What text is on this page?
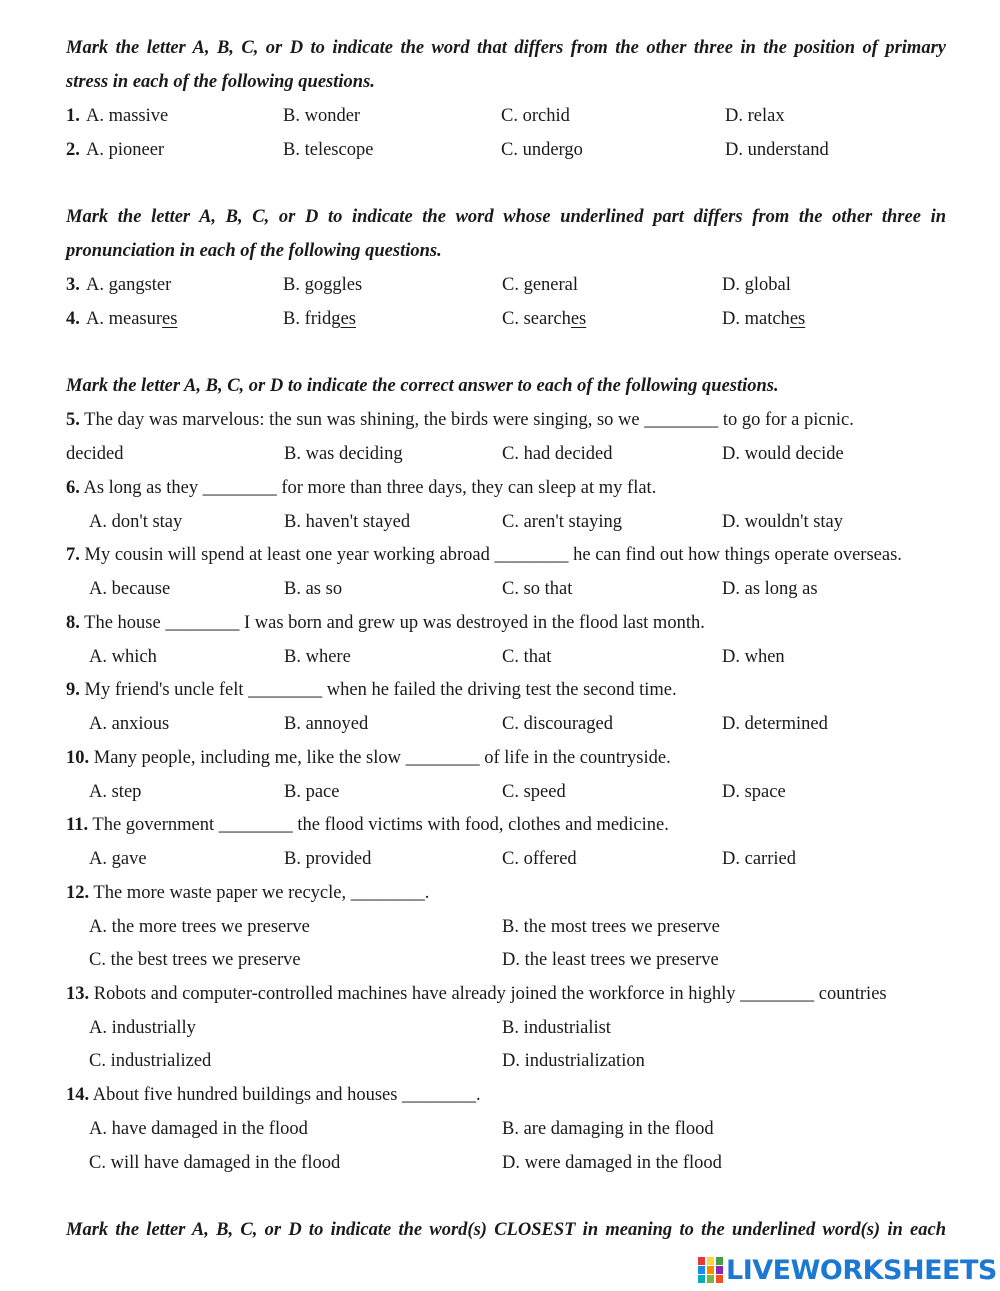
Mark the letter A, B, C, or D to indicate the word that differs from the other three in the position of primary
stress in each of the following questions.
1. A. massive	B. wonder	C. orchid	D. relax
2. A. pioneer	B. telescope	C. undergo	D. understand
Mark the letter A, B, C, or D to indicate the word whose underlined part differs from the other three in
pronunciation in each of the following questions.
3. A. gangster	B. goggles	C. general	D. global
4. A. measures	B. fridges	C. searches	D. matches
Mark the letter A, B, C, or D to indicate the correct answer to each of the following questions.
5. The day was marvelous: the sun was shining, the birds were singing, so we ________ to go for a picnic.
decided	B. was deciding	C. had decided	D. would decide
6. As long as they ________ for more than three days, they can sleep at my flat.
A. don't stay	B. haven't stayed	C. aren't staying	D. wouldn't stay
7. My cousin will spend at least one year working abroad ________ he can find out how things operate overseas.
A. because	B. as so	C. so that	D. as long as
8. The house ________ I was born and grew up was destroyed in the flood last month.
A. which	B. where	C. that	D. when
9. My friend's uncle felt ________ when he failed the driving test the second time.
A. anxious	B. annoyed	C. discouraged	D. determined
10. Many people, including me, like the slow ________ of life in the countryside.
A. step	B. pace	C. speed	D. space
11. The government ________ the flood victims with food, clothes and medicine.
A. gave	B. provided	C. offered	D. carried
12. The more waste paper we recycle, ________.
A. the more trees we preserve	B. the most trees we preserve
C. the best trees we preserve	D. the least trees we preserve
13. Robots and computer-controlled machines have already joined the workforce in highly ________ countries
A. industrially	B. industrialist
C. industrialized	D. industrialization
14. About five hundred buildings and houses ________.
A. have damaged in the flood	B. are damaging in the flood
C. will have damaged in the flood	D. were damaged in the flood
Mark the letter A, B, C, or D to indicate the word(s) CLOSEST in meaning to the underlined word(s) in each
LIVEWORKSHEETS
